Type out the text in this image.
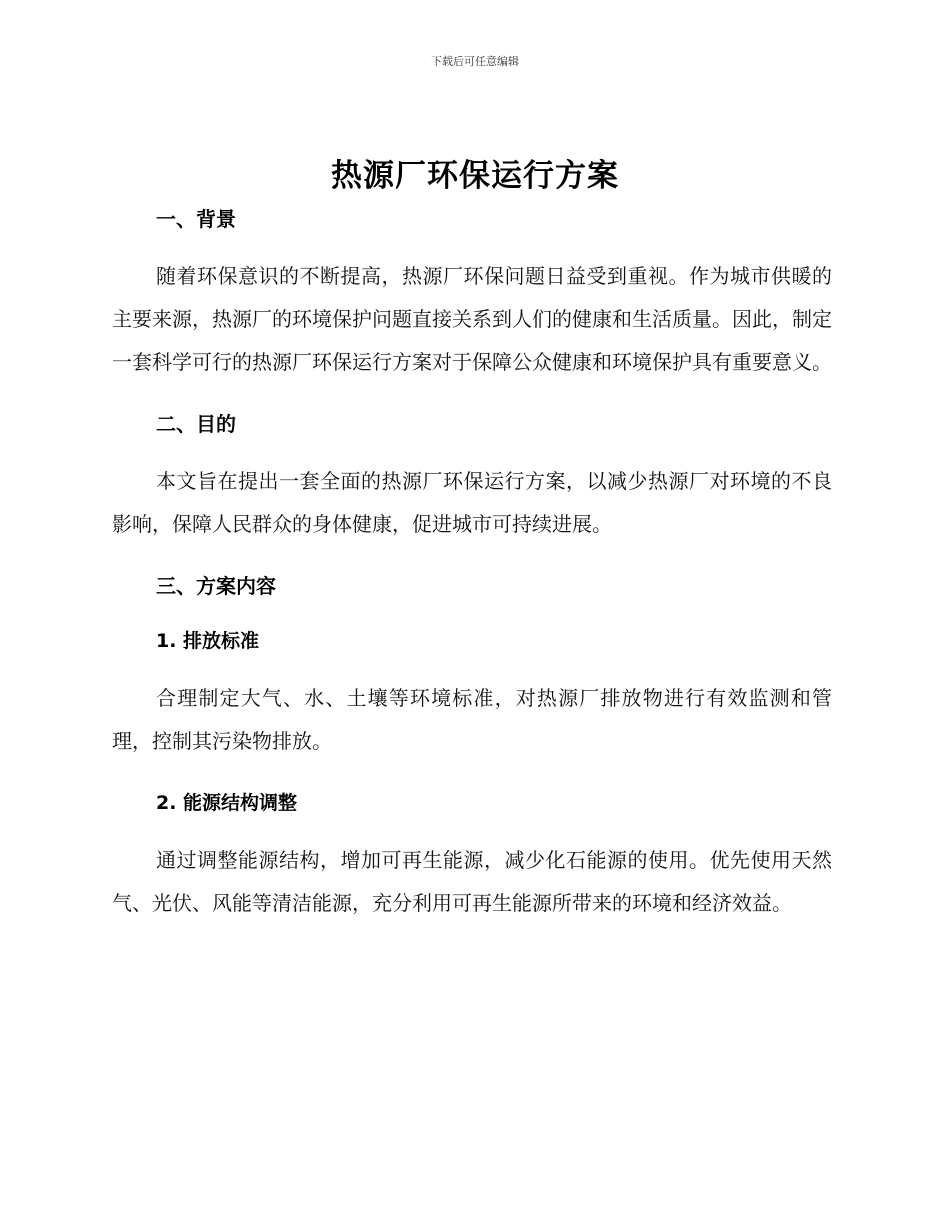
下载后可任意编辑
热源厂环保运行方案
一、背景

随着环保意识的不断提高，热源厂环保问题日益受到重视。作为城市供暖的主要来源，热源厂的环境保护问题直接关系到人们的健康和生活质量。因此，制定一套科学可行的热源厂环保运行方案对于保障公众健康和环境保护具有重要意义。

二、目的

本文旨在提出一套全面的热源厂环保运行方案，以减少热源厂对环境的不良影响，保障人民群众的身体健康，促进城市可持续进展。

三、方案内容
1. 排放标准

合理制定大气、水、土壤等环境标准，对热源厂排放物进行有效监测和管理，控制其污染物排放。

2. 能源结构调整

通过调整能源结构，增加可再生能源，减少化石能源的使用。优先使用天然气、光伏、风能等清洁能源，充分利用可再生能源所带来的环境和经济效益。
